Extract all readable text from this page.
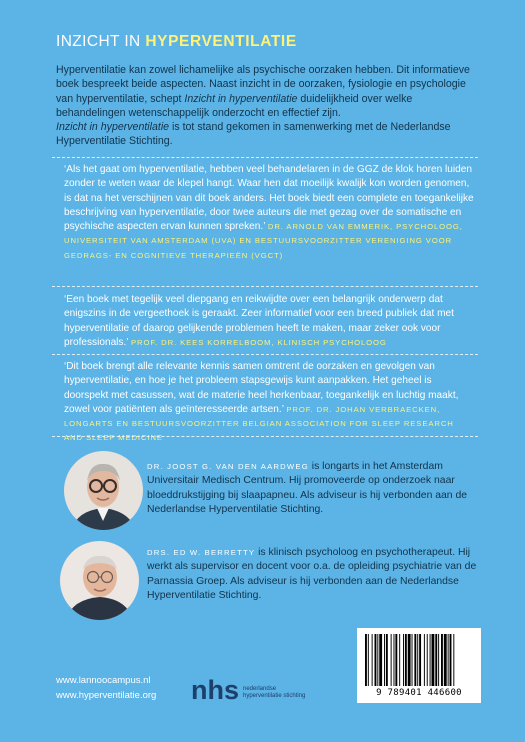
INZICHT IN HYPERVENTILATIE

Hyperventilatie kan zowel lichamelijke als psychische oorzaken hebben. Dit informatieve boek bespreekt beide aspecten. Naast inzicht in de oorzaken, fysiologie en psychologie van hyperventilatie, schept Inzicht in hyperventilatie duidelijkheid over welke behandelingen wetenschappelijk onderzocht en effectief zijn.

Inzicht in hyperventilatie is tot stand gekomen in samenwerking met de Nederlandse Hyperventilatie Stichting.

‘Als het gaat om hyperventilatie, hebben veel behandelaren in de GGZ de klok horen luiden zonder te weten waar de klepel hangt. Waar hen dat moeilijk kwalijk kon worden genomen, is dat na het verschijnen van dit boek anders. Het boek biedt een complete en toegankelijke beschrijving van hyperventilatie, door twee auteurs die met gezag over de somatische en psychische aspecten ervan kunnen spreken.’ DR. ARNOLD VAN EMMERIK, PSYCHOLOOG, UNIVERSITEIT VAN AMSTERDAM (UVA) EN BESTUURSVOORZITTER VERENIGING VOOR GEDRAGS- EN COGNITIEVE THERAPIEËN (VGCT)
‘Een boek met tegelijk veel diepgang en reikwijdte over een belangrijk onderwerp dat enigszins in de vergeethoek is geraakt. Zeer informatief voor een breed publiek dat met hyperventilatie of daarop gelijkende problemen heeft te maken, maar zeker ook voor professionals.’ PROF. DR. KEES KORRELBOOM, KLINISCH PSYCHOLOOG
‘Dit boek brengt alle relevante kennis samen omtrent de oorzaken en gevolgen van hyperventilatie, en hoe je het probleem stapsgewijs kunt aanpakken. Het geheel is doorspekt met casussen, wat de materie heel herkenbaar, toegankelijk en luchtig maakt, zowel voor patiënten als geïnteresseerde artsen.’ PROF. DR. JOHAN VERBRAECKEN, LONGARTS EN BESTUURSVOORZITTER BELGIAN ASSOCIATION FOR SLEEP RESEARCH AND SLEEP MEDICINE
DR. JOOST G. VAN DEN AARDWEG is longarts in het Amsterdam Universitair Medisch Centrum. Hij promoveerde op onderzoek naar bloeddrukstijging bij slaapapneu. Als adviseur is hij verbonden aan de Nederlandse Hyperventilatie Stichting.
DRS. ED W. BERRETTY is klinisch psycholoog en psychotherapeut. Hij werkt als supervisor en docent voor o.a. de opleiding psychiatrie van de Parnassia Groep. Als adviseur is hij verbonden aan de Nederlandse Hyperventilatie Stichting.
www.lannoocampus.nl
www.hyperventilatie.org nhs nederlandse
hyperventilatie stichting	9 789401 446600
